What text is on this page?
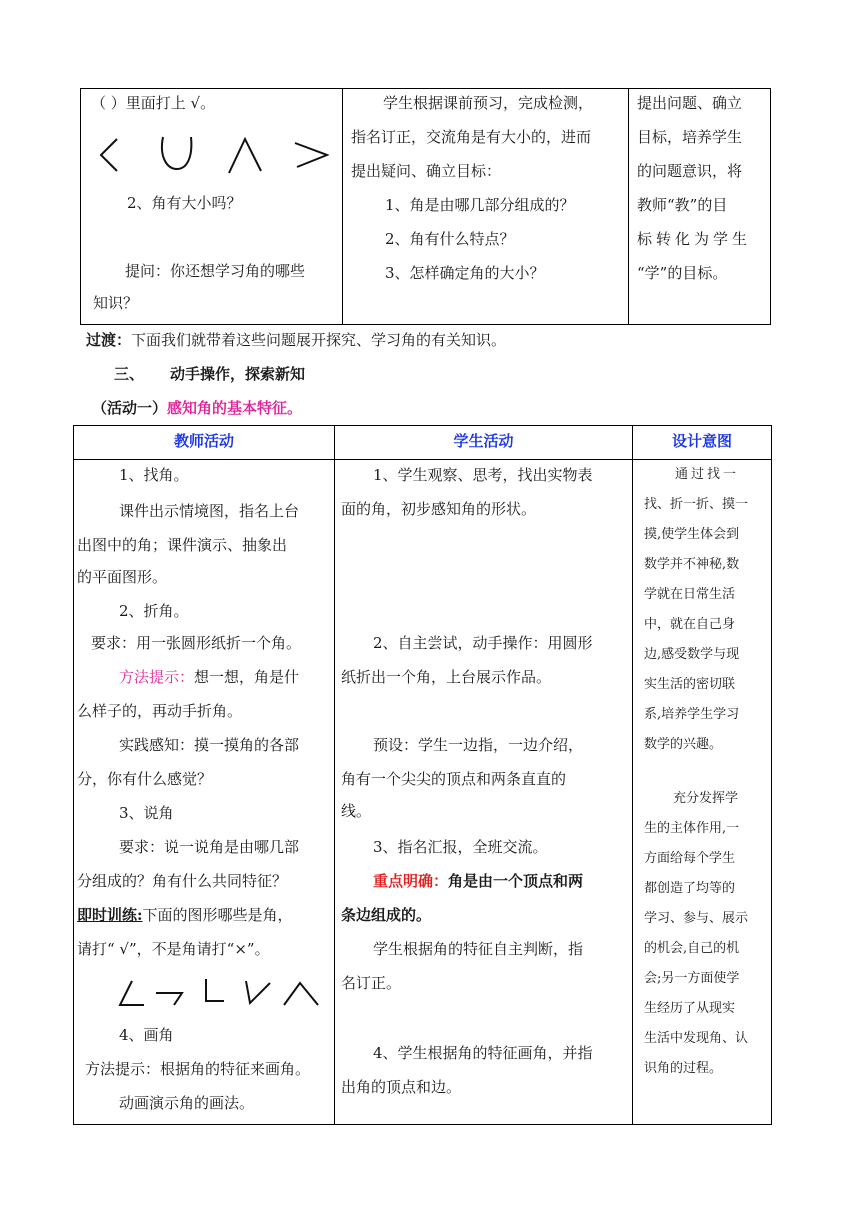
（ ）里面打上 √。
2、角有大小吗？
提问：你还想学习角的哪些
知识？
学生根据课前预习，完成检测，
指名订正，交流角是有大小的，进而
提出疑问、确立目标：
1、角是由哪几部分组成的？
2、角有什么特点？
3、怎样确定角的大小？
提出问题、确立
目标，培养学生
的问题意识，将
教师“教”的目
标转化为学生
“学”的目标。
过渡：下面我们就带着这些问题展开探究、学习角的有关知识。
三、 动手操作，探索新知
（活动一）感知角的基本特征。
教师活动	学生活动	设计意图
1、找角。
课件出示情境图，指名上台
出图中的角；课件演示、抽象出
的平面图形。
2、折角。
要求：用一张圆形纸折一个角。
方法提示：想一想，角是什
么样子的，再动手折角。
实践感知：摸一摸角的各部
分，你有什么感觉？
3、说角
要求：说一说角是由哪几部
分组成的？角有什么共同特征？
即时训练:下面的图形哪些是角，
请打“ √”，不是角请打“×”。
4、画角
方法提示：根据角的特征来画角。
动画演示角的画法。
1、学生观察、思考，找出实物表
面的角，初步感知角的形状。
2、自主尝试，动手操作：用圆形
纸折出一个角，上台展示作品。
预设：学生一边指，一边介绍，
角有一个尖尖的顶点和两条直直的
线。
3、指名汇报，全班交流。
重点明确：角是由一个顶点和两
条边组成的。
学生根据角的特征自主判断，指
名订正。
4、学生根据角的特征画角，并指
出角的顶点和边。
通过找一
找、折一折、摸一
摸,使学生体会到
数学并不神秘,数
学就在日常生活
中，就在自己身
边,感受数学与现
实生活的密切联
系,培养学生学习
数学的兴趣。
充分发挥学
生的主体作用,一
方面给每个学生
都创造了均等的
学习、参与、展示
的机会,自己的机
会;另一方面使学
生经历了从现实
生活中发现角、认
识角的过程。
